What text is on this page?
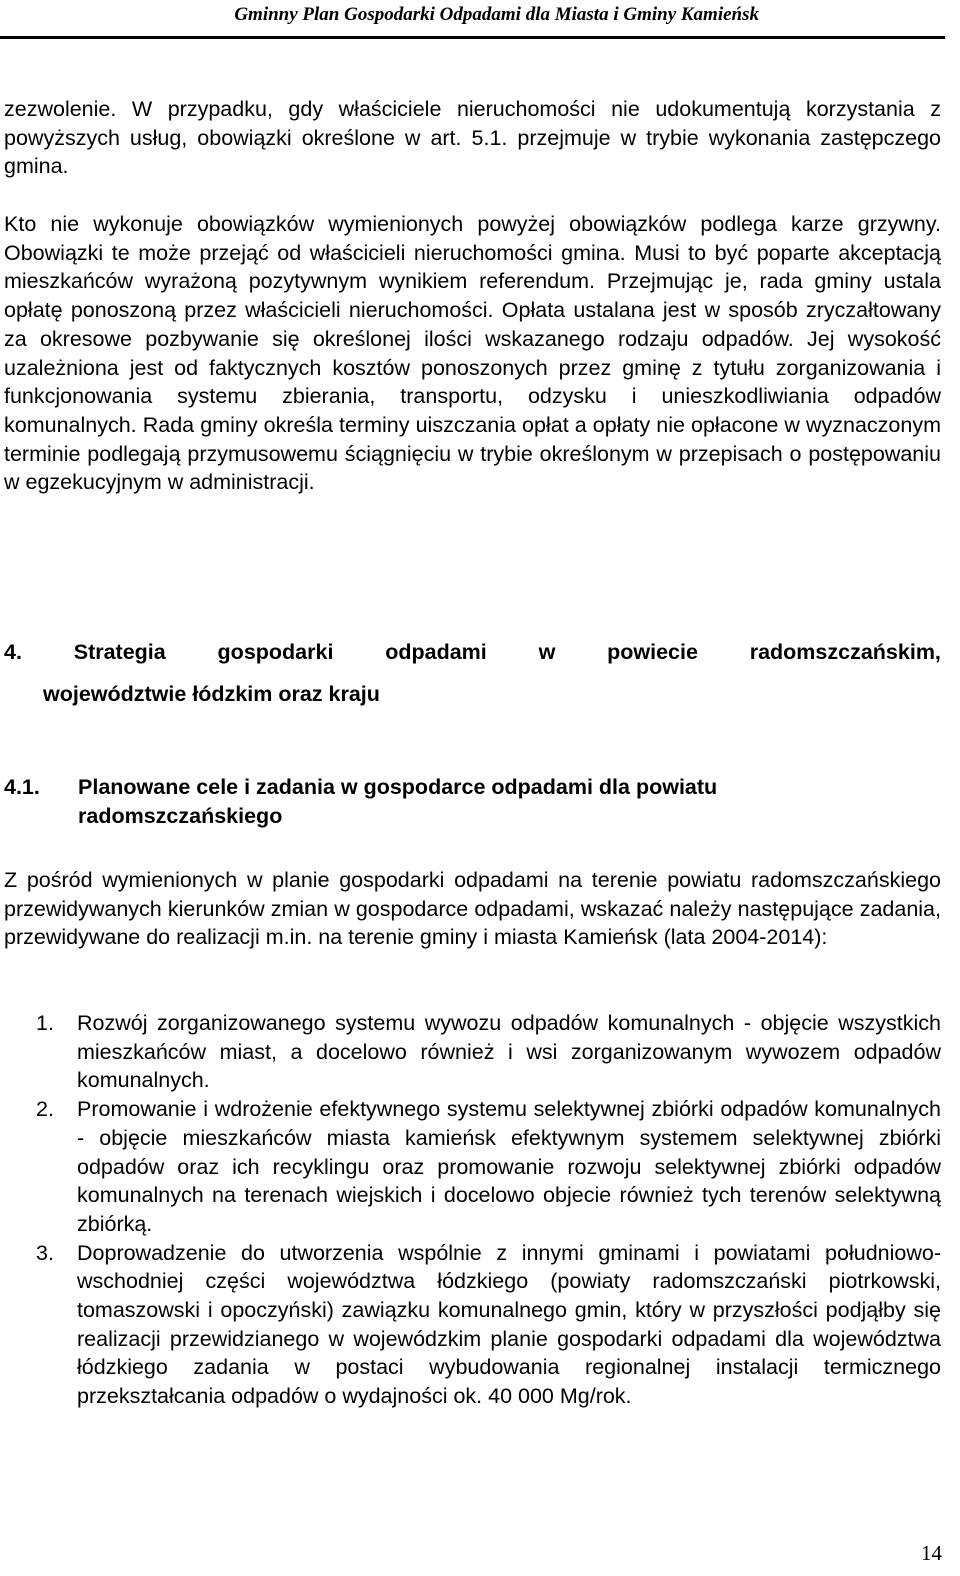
Gminny Plan Gospodarki Odpadami dla Miasta i Gminy Kamieńsk

zezwolenie. W przypadku, gdy właściciele nieruchomości nie udokumentują korzystania z powyższych usług, obowiązki określone w art. 5.1. przejmuje w trybie wykonania zastępczego gmina.

Kto nie wykonuje obowiązków wymienionych powyżej obowiązków podlega karze grzywny. Obowiązki te może przejąć od właścicieli nieruchomości gmina. Musi to być poparte akceptacją mieszkańców wyrażoną pozytywnym wynikiem referendum. Przejmując je, rada gminy ustala opłatę ponoszoną przez właścicieli nieruchomości. Opłata ustalana jest w sposób zryczałtowany za okresowe pozbywanie się określonej ilości wskazanego rodzaju odpadów. Jej wysokość uzależniona jest od faktycznych kosztów ponoszonych przez gminę z tytułu zorganizowania i funkcjonowania systemu zbierania, transportu, odzysku i unieszkodliwiania odpadów komunalnych. Rada gminy określa terminy uiszczania opłat a opłaty nie opłacone w wyznaczonym terminie podlegają przymusowemu ściągnięciu w trybie określonym w przepisach o postępowaniu w egzekucyjnym w administracji.

4. Strategia gospodarki odpadami w powiecie radomszczańskim,
województwie łódzkim oraz kraju
4.1. Planowane cele i zadania w gospodarce odpadami dla powiatu radomszczańskiego

Z pośród wymienionych w planie gospodarki odpadami na terenie powiatu radomszczańskiego przewidywanych kierunków zmian w gospodarce odpadami, wskazać należy następujące zadania, przewidywane do realizacji m.in. na terenie gminy i miasta Kamieńsk (lata 2004-2014):

1. Rozwój zorganizowanego systemu wywozu odpadów komunalnych - objęcie wszystkich mieszkańców miast, a docelowo również i wsi zorganizowanym wywozem odpadów komunalnych.
2. Promowanie i wdrożenie efektywnego systemu selektywnej zbiórki odpadów komunalnych - objęcie mieszkańców miasta kamieńsk efektywnym systemem selektywnej zbiórki odpadów oraz ich recyklingu oraz promowanie rozwoju selektywnej zbiórki odpadów komunalnych na terenach wiejskich i docelowo objecie również tych terenów selektywną zbiórką.
3. Doprowadzenie do utworzenia wspólnie z innymi gminami i powiatami południowo-wschodniej części województwa łódzkiego (powiaty radomszczański piotrkowski, tomaszowski i opoczyński) zawiązku komunalnego gmin, który w przyszłości podjąłby się realizacji przewidzianego w wojewódzkim planie gospodarki odpadami dla województwa łódzkiego zadania w postaci wybudowania regionalnej instalacji termicznego przekształcania odpadów o wydajności ok. 40 000 Mg/rok.
14
